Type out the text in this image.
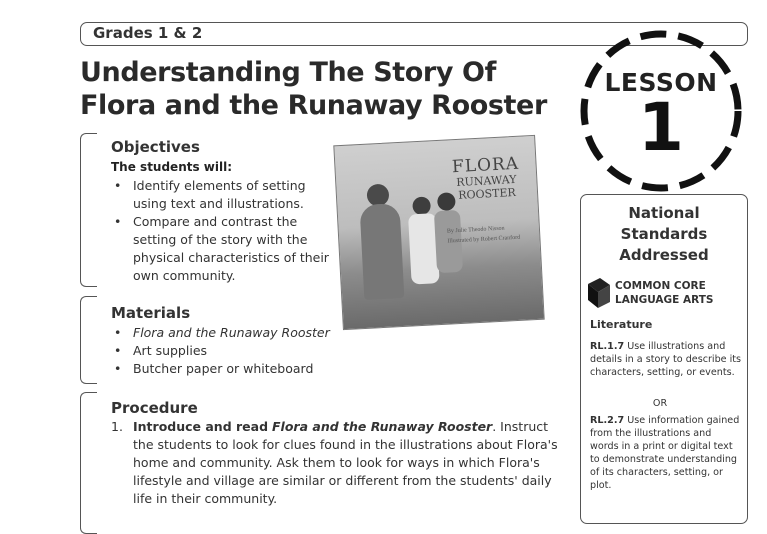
Grades 1 & 2
Understanding The Story Of
Flora and the Runaway Rooster
LESSON
1
Objectives
The students will:
• Identify elements of setting
using text and illustrations.
• Compare and contrast the
setting of the story with the
physical characteristics of their
own community.
FLORA
RUNAWAY
ROOSTER
By Julie Theodo Nisson
Illustrated by Robert Cranford
Materials
• Flora and the Runaway Rooster
• Art supplies
• Butcher paper or whiteboard
Procedure
1. Introduce and read Flora and the Runaway Rooster. Instruct the students to look for clues found in the illustrations about Flora's home and community. Ask them to look for ways in which Flora's lifestyle and village are similar or different from the students' daily life in their community.
National
Standards
Addressed
COMMON CORE
LANGUAGE ARTS
Literature
RL.1.7 Use illustrations and details in a story to describe its characters, setting, or events.
OR
RL.2.7 Use information gained from the illustrations and words in a print or digital text to demonstrate understanding of its characters, setting, or plot.
